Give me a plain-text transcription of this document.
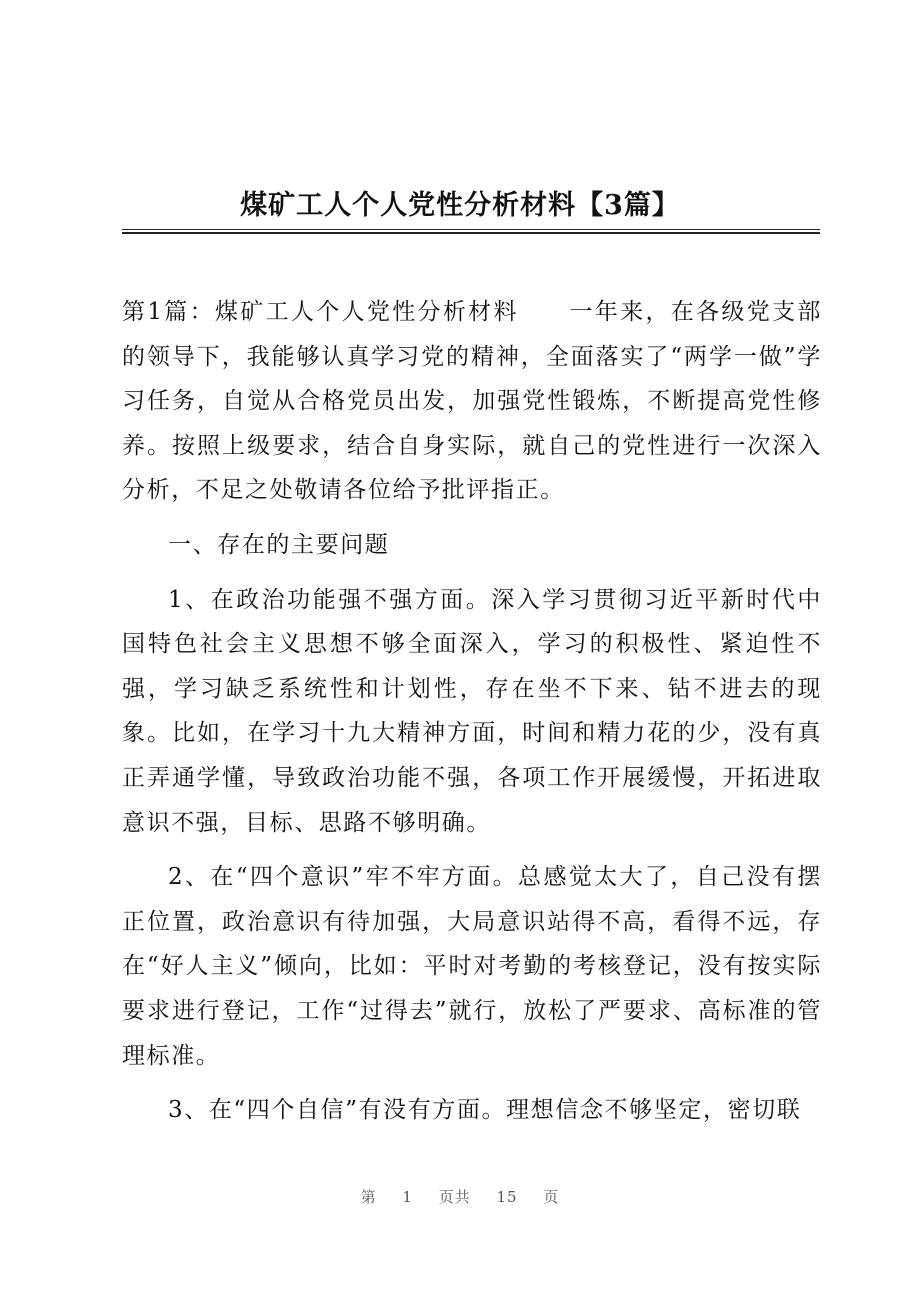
煤矿工人个人党性分析材料【3篇】

第1篇：煤矿工人个人党性分析材料　　一年来，在各级党支部的领导下，我能够认真学习党的精神，全面落实了“两学一做”学习任务，自觉从合格党员出发，加强党性锻炼，不断提高党性修养。按照上级要求，结合自身实际，就自己的党性进行一次深入分析，不足之处敬请各位给予批评指正。

一、存在的主要问题

1、在政治功能强不强方面。深入学习贯彻习近平新时代中国特色社会主义思想不够全面深入，学习的积极性、紧迫性不强，学习缺乏系统性和计划性，存在坐不下来、钻不进去的现象。比如，在学习十九大精神方面，时间和精力花的少，没有真正弄通学懂，导致政治功能不强，各项工作开展缓慢，开拓进取意识不强，目标、思路不够明确。

2、在“四个意识”牢不牢方面。总感觉太大了，自己没有摆正位置，政治意识有待加强，大局意识站得不高，看得不远，存在“好人主义”倾向，比如：平时对考勤的考核登记，没有按实际要求进行登记，工作“过得去”就行，放松了严要求、高标准的管理标准。

3、在“四个自信”有没有方面。理想信念不够坚定，密切联

第 1 页共 15 页
